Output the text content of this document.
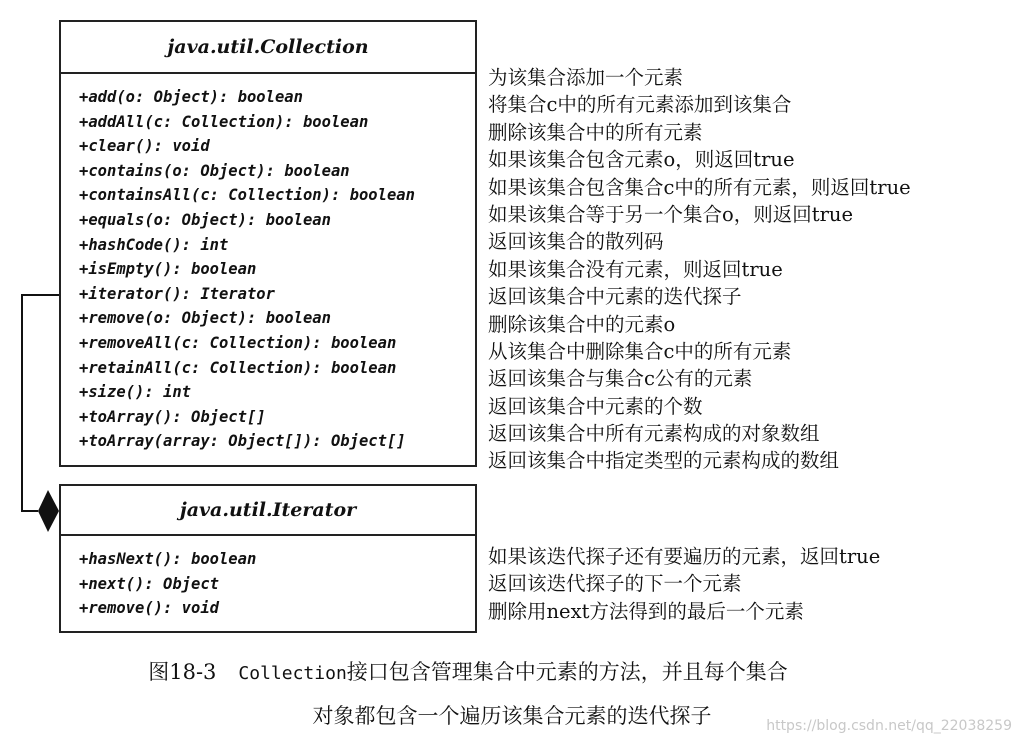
java.util.Collection
+add(o: Object): boolean
+addAll(c: Collection): boolean
+clear(): void
+contains(o: Object): boolean
+containsAll(c: Collection): boolean
+equals(o: Object): boolean
+hashCode(): int
+isEmpty(): boolean
+iterator(): Iterator
+remove(o: Object): boolean
+removeAll(c: Collection): boolean
+retainAll(c: Collection): boolean
+size(): int
+toArray(): Object[]
+toArray(array: Object[]): Object[]
为该集合添加一个元素
将集合c中的所有元素添加到该集合
删除该集合中的所有元素
如果该集合包含元素o，则返回true
如果该集合包含集合c中的所有元素，则返回true
如果该集合等于另一个集合o，则返回true
返回该集合的散列码
如果该集合没有元素，则返回true
返回该集合中元素的迭代探子
删除该集合中的元素o
从该集合中删除集合c中的所有元素
返回该集合与集合c公有的元素
返回该集合中元素的个数
返回该集合中所有元素构成的对象数组
返回该集合中指定类型的元素构成的数组
java.util.Iterator
+hasNext(): boolean
+next(): Object
+remove(): void
如果该迭代探子还有要遍历的元素，返回true
返回该迭代探子的下一个元素
删除用next方法得到的最后一个元素
图18-3 Collection接口包含管理集合中元素的方法，并且每个集合
对象都包含一个遍历该集合元素的迭代探子	https://blog.csdn.net/qq_22038259
